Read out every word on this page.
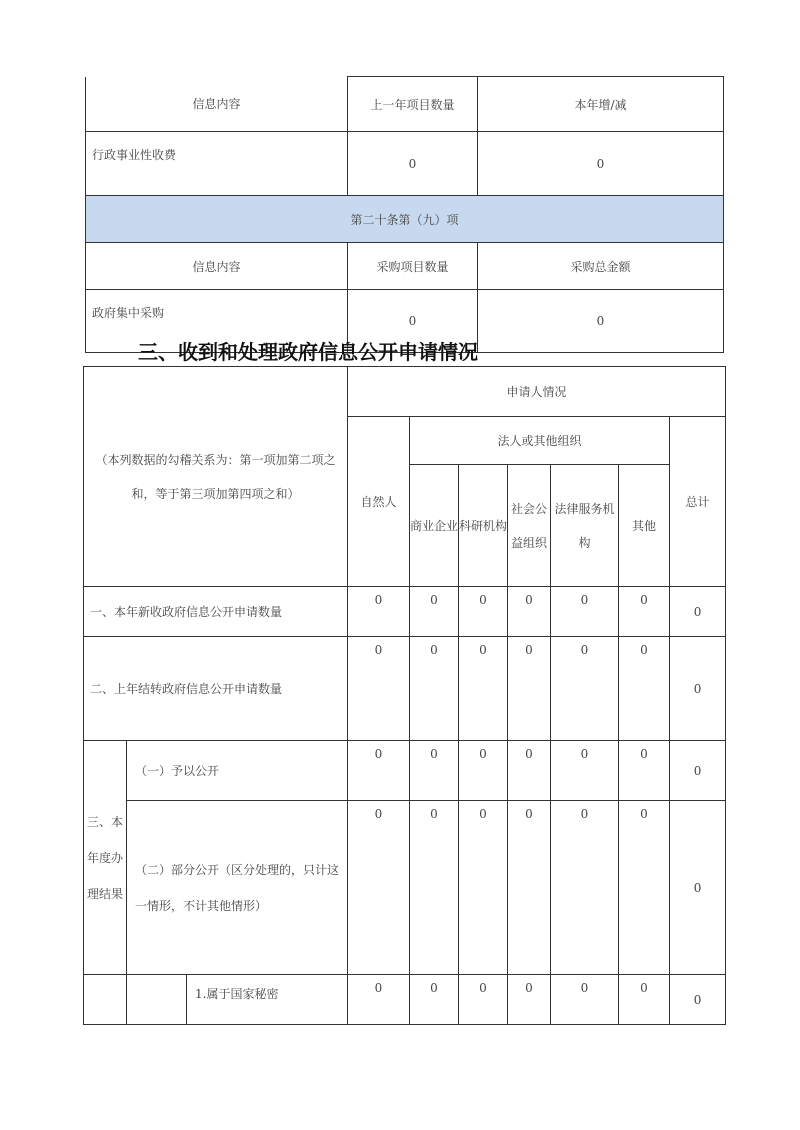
信息内容	上一年项目数量	本年增/减
行政事业性收费	0	0
第二十条第（九）项		
信息内容	采购项目数量	采购总金额
政府集中采购	0	0
三、收到和处理政府信息公开申请情况
（本列数据的勾稽关系为：第一项加第二项之和，等于第三项加第四项之和）			申请人情况						
			自然人	法人或其他组织					总计
				商业企业	科研机构	社会公益组织	法律服务机构	其他	
一、本年新收政府信息公开申请数量			0	0	0	0	0	0	0
二、上年结转政府信息公开申请数量			0	0	0	0	0	0	0
三、本年度办理结果	（一）予以公开		0	0	0	0	0	0	0
	（二）部分公开（区分处理的，只计这一情形，不计其他情形）		0	0	0	0	0	0	0
		1.属于国家秘密	0	0	0	0	0	0	0
